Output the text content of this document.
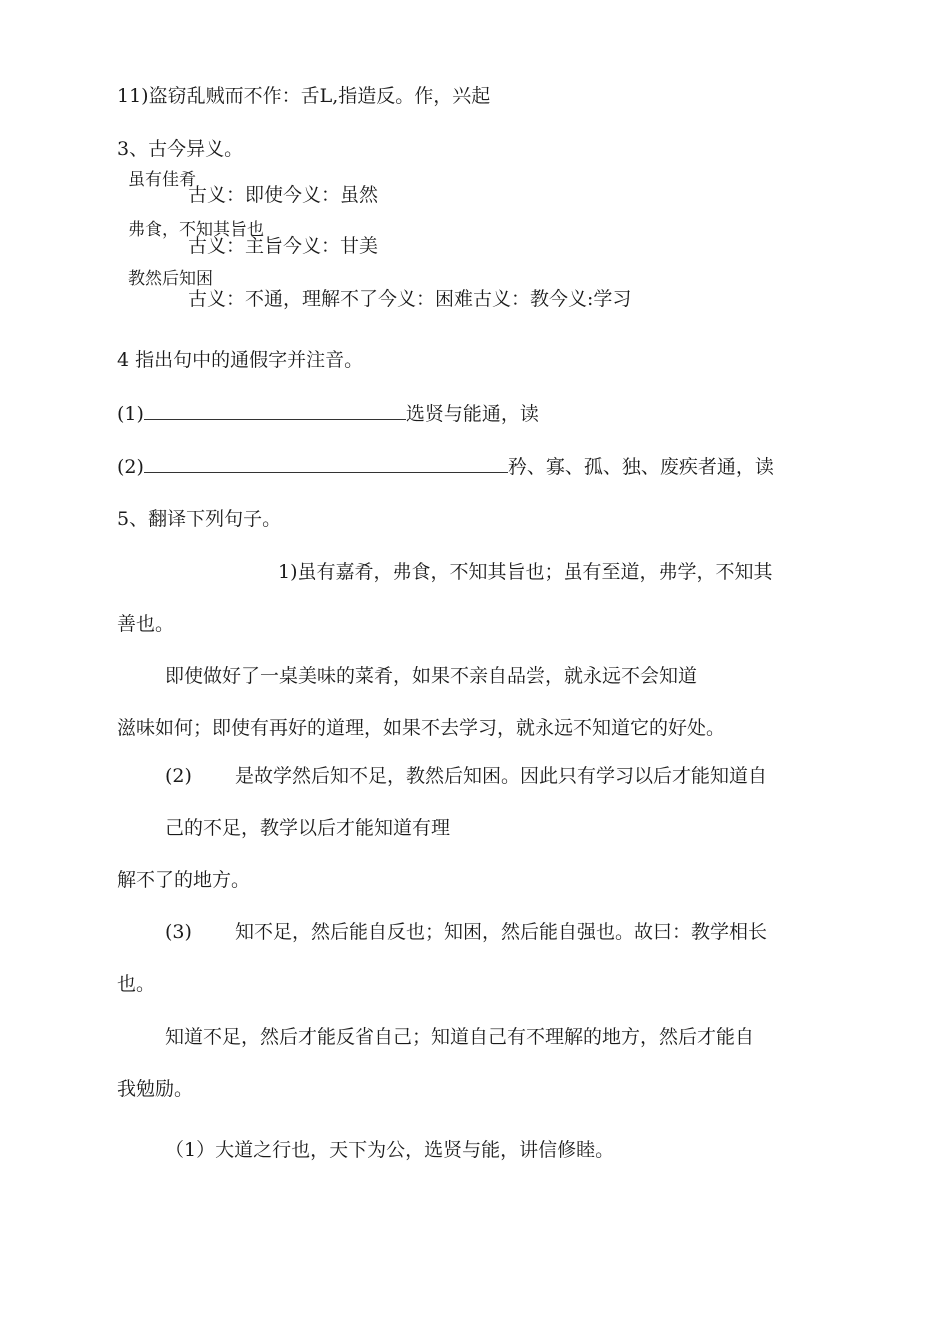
11)盗窃乱贼而不作：舌L,指造反。作，兴起
3、古今异义。
虽有佳肴
古义：即使今义：虽然
弗食，不知其旨也
古义：主旨今义：甘美
教然后知困
古义：不通，理解不了今义：困难古义：教今义:学习
4 指出句中的通假字并注音。
(1)	选贤与能通，读
(2)	矜、寡、孤、独、废疾者通，读
5、翻译下列句子。
1)虽有嘉肴，弗食，不知其旨也；虽有至道，弗学，不知其
善也。
即使做好了一桌美味的菜肴，如果不亲自品尝，就永远不会知道
滋味如何；即使有再好的道理，如果不去学习，就永远不知道它的好处。
(2) 是故学然后知不足，教然后知困。因此只有学习以后才能知道自
己的不足，教学以后才能知道有理
解不了的地方。
(3) 知不足，然后能自反也；知困，然后能自强也。故曰：教学相长
也。
知道不足，然后才能反省自己；知道自己有不理解的地方，然后才能自
我勉励。
（1）大道之行也，天下为公，选贤与能，讲信修睦。
